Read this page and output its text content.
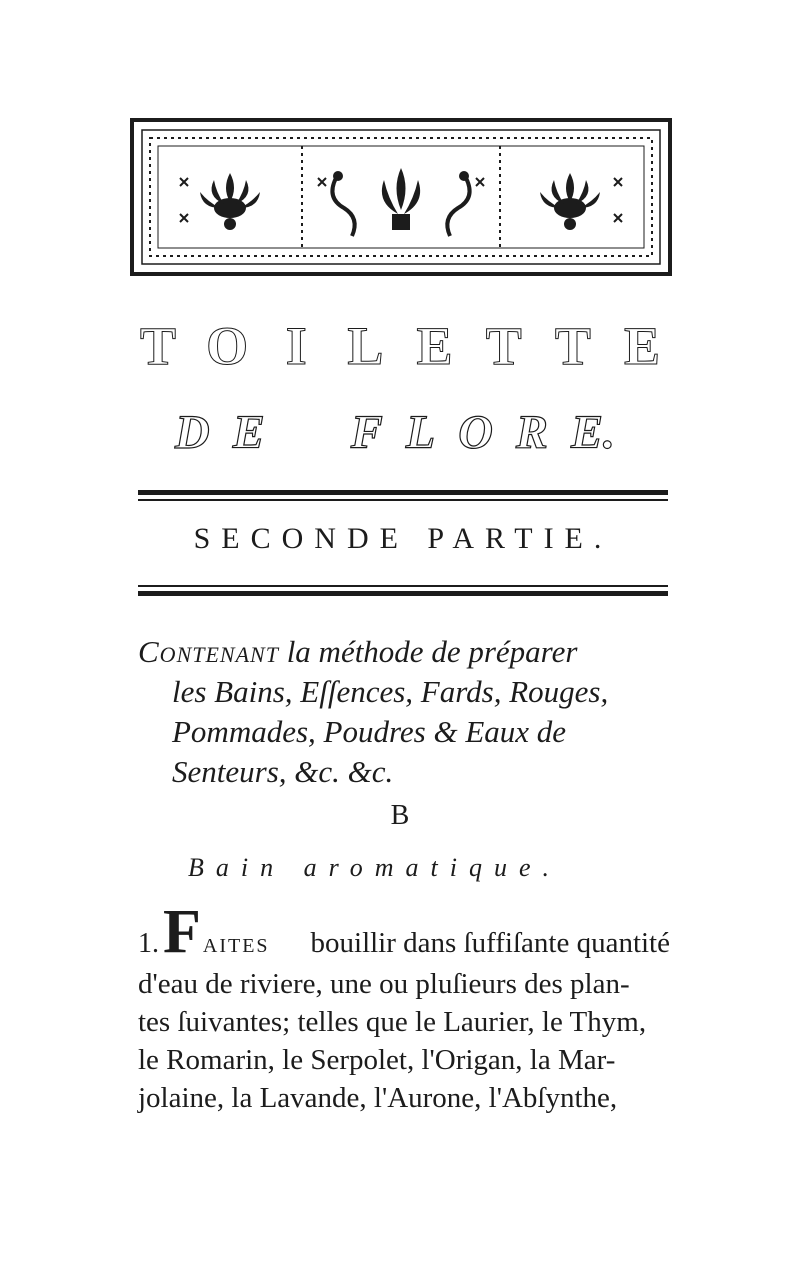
T O I L E T T E
D E F L O R E.
SECONDE PARTIE.
Contenant la méthode de préparer
les Bains, Eſſences, Fards, Rouges,
Pommades, Poudres & Eaux de
Senteurs, &c. &c.
B
Bain aromatique.
1.F AITES bouillir dans ſuffiſante quantité
d'eau de riviere, une ou pluſieurs des plan-
tes ſuivantes; telles que le Laurier, le Thym,
le Romarin, le Serpolet, l'Origan, la Mar-
jolaine, la Lavande, l'Aurone, l'Abſynthe,
